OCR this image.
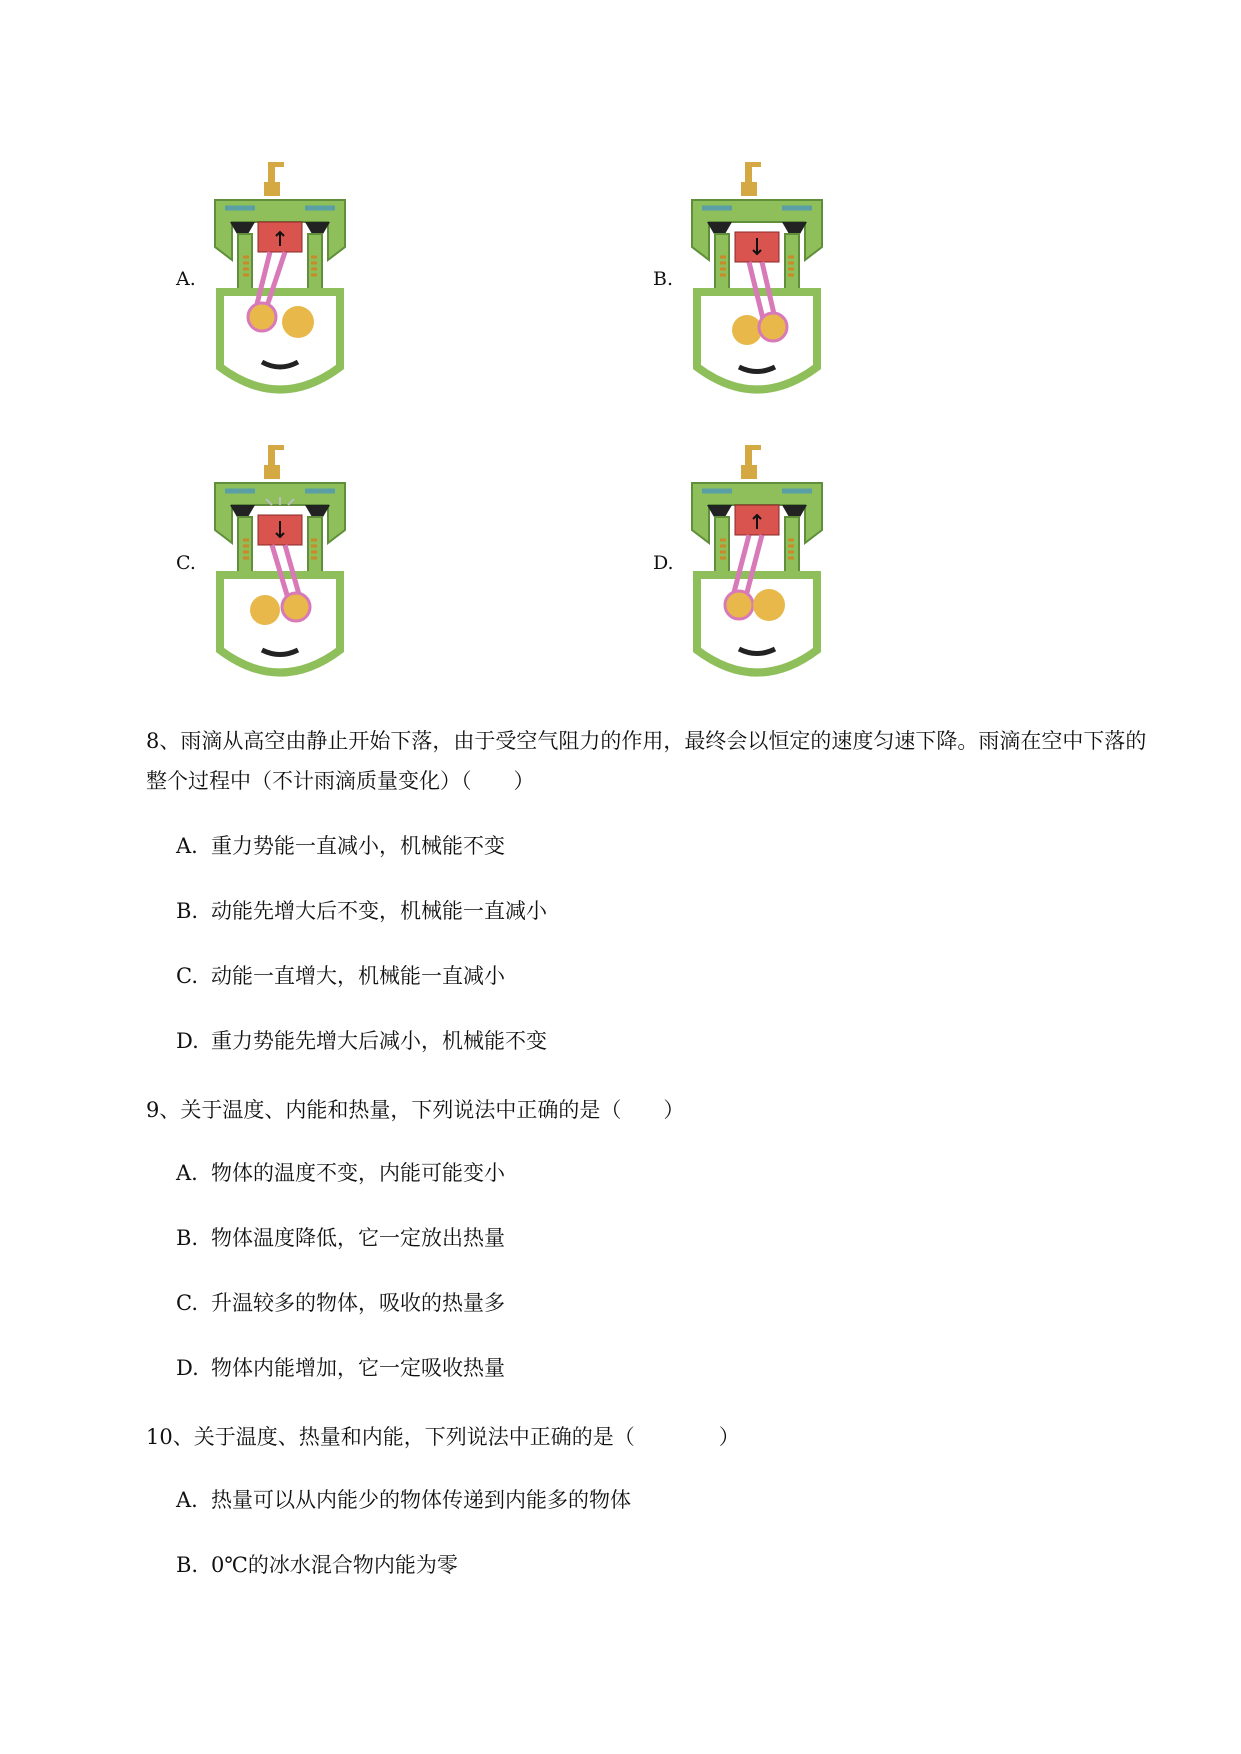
A.	B.
C.	D.
8、雨滴从高空由静止开始下落，由于受空气阻力的作用，最终会以恒定的速度匀速下降。雨滴在空中下落的整个过程中（不计雨滴质量变化）（　　）
A. 重力势能一直减小，机械能不变
B. 动能先增大后不变，机械能一直减小
C. 动能一直增大，机械能一直减小
D. 重力势能先增大后减小，机械能不变
9、关于温度、内能和热量，下列说法中正确的是（　　）
A. 物体的温度不变，内能可能变小
B. 物体温度降低，它一定放出热量
C. 升温较多的物体，吸收的热量多
D. 物体内能增加，它一定吸收热量
10、关于温度、热量和内能，下列说法中正确的是（　　　　）
A. 热量可以从内能少的物体传递到内能多的物体
B. 0℃的冰水混合物内能为零
